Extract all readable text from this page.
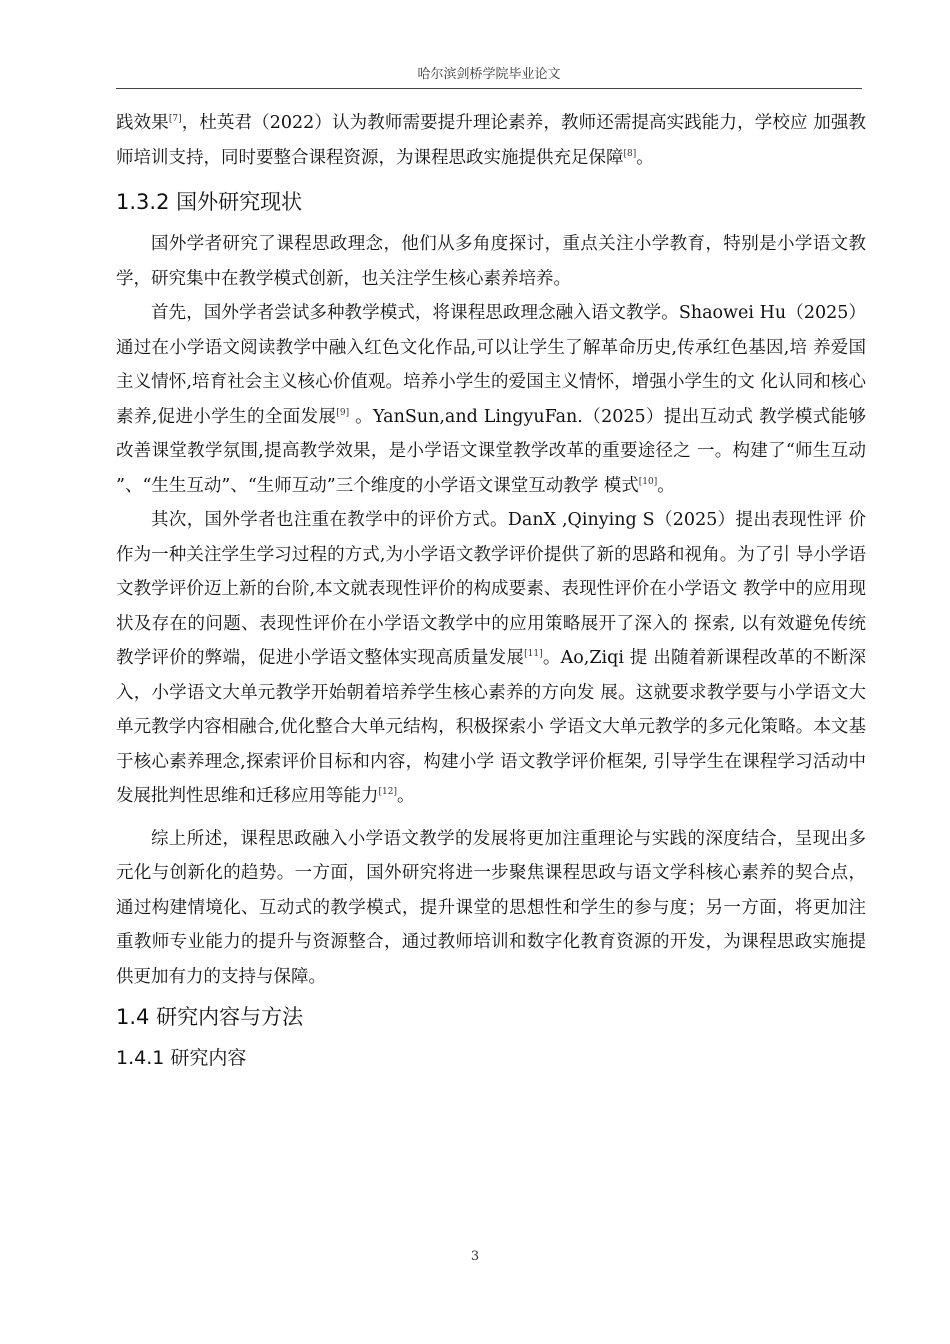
哈尔滨剑桥学院毕业论文

践效果[7]，杜英君（2022）认为教师需要提升理论素养，教师还需提高实践能力，学校应 加强教师培训支持，同时要整合课程资源，为课程思政实施提供充足保障[8]。

1.3.2 国外研究现状

国外学者研究了课程思政理念，他们从多角度探讨，重点关注小学教育，特别是小学语文教学，研究集中在教学模式创新，也关注学生核心素养培养。

首先，国外学者尝试多种教学模式，将课程思政理念融入语文教学。Shaowei Hu（2025） 通过在小学语文阅读教学中融入红色文化作品,可以让学生了解革命历史,传承红色基因,培 养爱国主义情怀,培育社会主义核心价值观。培养小学生的爱国主义情怀，增强小学生的文 化认同和核心素养,促进小学生的全面发展[9] 。YanSun,and LingyuFan.（2025）提出互动式 教学模式能够改善课堂教学氛围,提高教学效果，是小学语文课堂教学改革的重要途径之 一。构建了“师生互动 ”、“生生互动”、“生师互动”三个维度的小学语文课堂互动教学 模式[10]。

其次，国外学者也注重在教学中的评价方式。DanX ,Qinying S（2025）提出表现性评 价作为一种关注学生学习过程的方式,为小学语文教学评价提供了新的思路和视角。为了引 导小学语文教学评价迈上新的台阶,本文就表现性评价的构成要素、表现性评价在小学语文 教学中的应用现状及存在的问题、表现性评价在小学语文教学中的应用策略展开了深入的 探索, 以有效避免传统教学评价的弊端，促进小学语文整体实现高质量发展[11]。Ao,Ziqi 提 出随着新课程改革的不断深入，小学语文大单元教学开始朝着培养学生核心素养的方向发 展。这就要求教学要与小学语文大单元教学内容相融合,优化整合大单元结构，积极探索小 学语文大单元教学的多元化策略。本文基于核心素养理念,探索评价目标和内容，构建小学 语文教学评价框架, 引导学生在课程学习活动中发展批判性思维和迁移应用等能力[12]。

综上所述，课程思政融入小学语文教学的发展将更加注重理论与实践的深度结合，呈现出多元化与创新化的趋势。一方面，国外研究将进一步聚焦课程思政与语文学科核心素养的契合点，通过构建情境化、互动式的教学模式，提升课堂的思想性和学生的参与度；另一方面，将更加注重教师专业能力的提升与资源整合，通过教师培训和数字化教育资源的开发，为课程思政实施提供更加有力的支持与保障。

1.4 研究内容与方法
1.4.1 研究内容
3
